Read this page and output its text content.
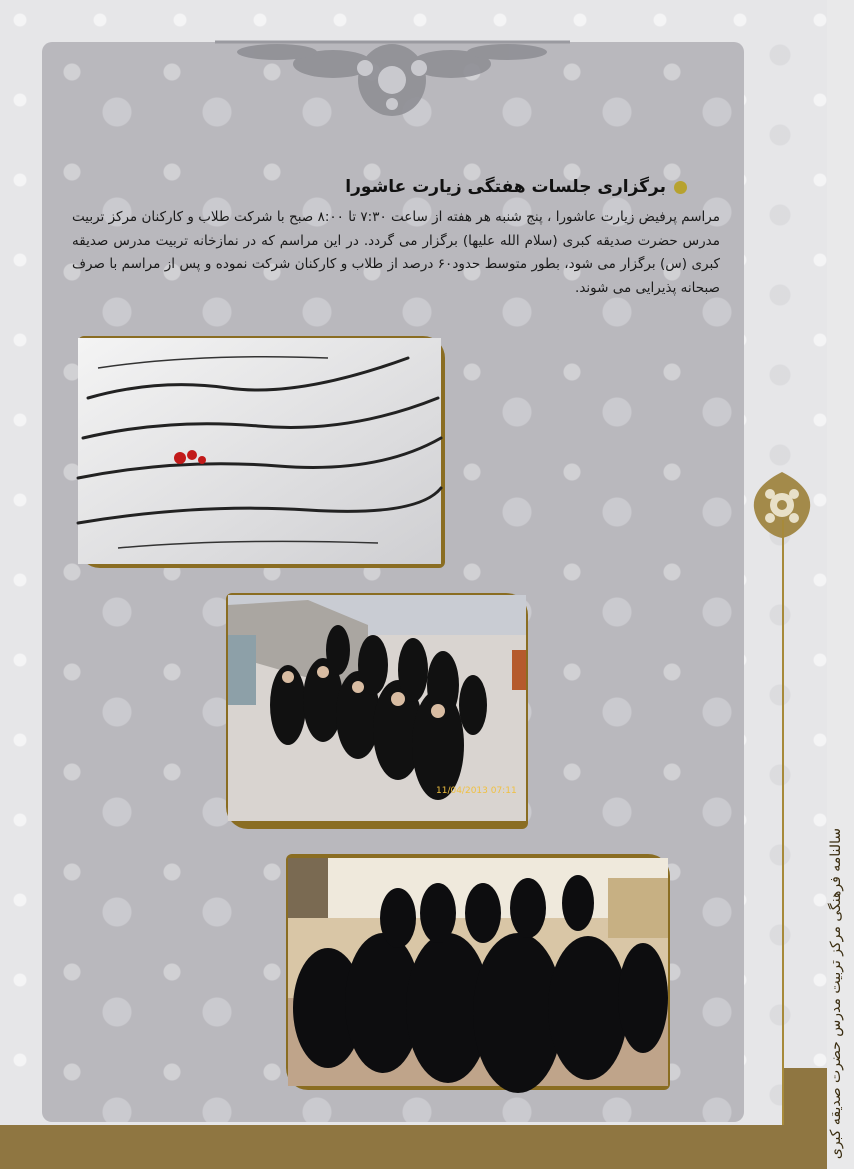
برگزاری جلسات هفتگی زیارت عاشورا
مراسم پرفیض زیارت عاشورا ، پنج شنبه هر هفته از ساعت ۷:۳۰ تا ۸:۰۰ صبح با شرکت طلاب و کارکنان مرکز تربیت مدرس حضرت صدیقه کبری (سلام الله علیها) برگزار می گردد. در این مراسم که در نمازخانه تربیت مدرس صدیقه کبری (س) برگزار می شود، بطور متوسط حدود۶۰ درصد از طلاب و کارکنان شرکت نموده و پس از مراسم با صرف صبحانه پذیرایی می شوند.
11/04/2013 07:11
سالنامه فرهنگی مرکز تربیت مدرس حضرت صدیقه کبری
